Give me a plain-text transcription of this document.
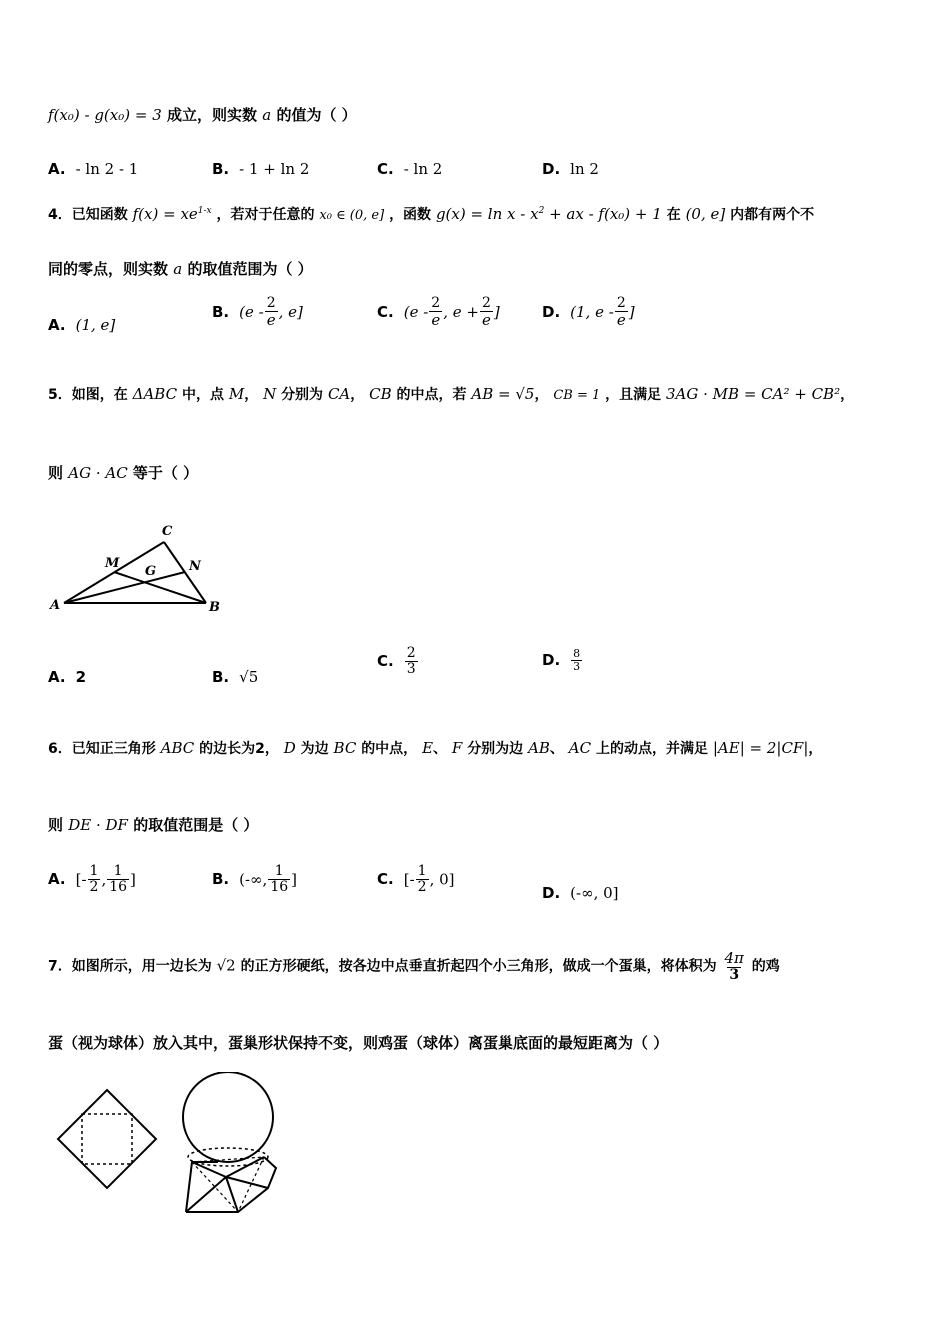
f(x₀) - g(x₀) = 3 成立，则实数 a 的值为（ ）
A. - ln 2 - 1	B. - 1 + ln 2	C. - ln 2	D. ln 2
4．已知函数 $f(x) = xe^{1-x}$ ，若对于任意的 x₀ ∈ (0, e] ，函数 $g(x) = \ln x - x^2$ + ax - f(x₀) + 1 在 (0, e] 内都有两个不
同的零点，则实数 a 的取值范围为（ ）
A. (1, e]
B. ($e - \frac{2}{e}$ , e]	C. ($e - \frac{2}{e}$ , $e + \frac{2}{e}$ ]	D. (1, e - $\frac{2}{e}$ ]
5．如图，在 ΔABC 中，点 M， N 分别为 CA， CB 的中点，若 AB = √5， CB = 1 ，且满足 3AG · MB = CA² + CB²，
则 AG · AC 等于（ ）
A	B
C
M	N
G
A. 2	B. √5
C. $\frac{2}{3}$	D. $\frac{8}{3}$
6．已知正三角形 ABC 的边长为2， D 为边 BC 的中点， E、 F 分别为边 AB、 AC 上的动点，并满足 |AE| = 2|CF|，
则 DE · DF 的取值范围是（ ）
A. [- $\frac{1}{2}$ , $\frac{1}{16}$ ]	B. (-∞, $\frac{1}{16}$ ]	C. [- $\frac{1}{2}$ , 0]
D. (-∞, 0]
7．如图所示，用一边长为 √2 的正方形硬纸，按各边中点垂直折起四个小三角形，做成一个蛋巢，将体积为 $\frac{4\pi}{3}$ 的鸡
蛋（视为球体）放入其中，蛋巢形状保持不变，则鸡蛋（球体）离蛋巢底面的最短距离为（ ）
